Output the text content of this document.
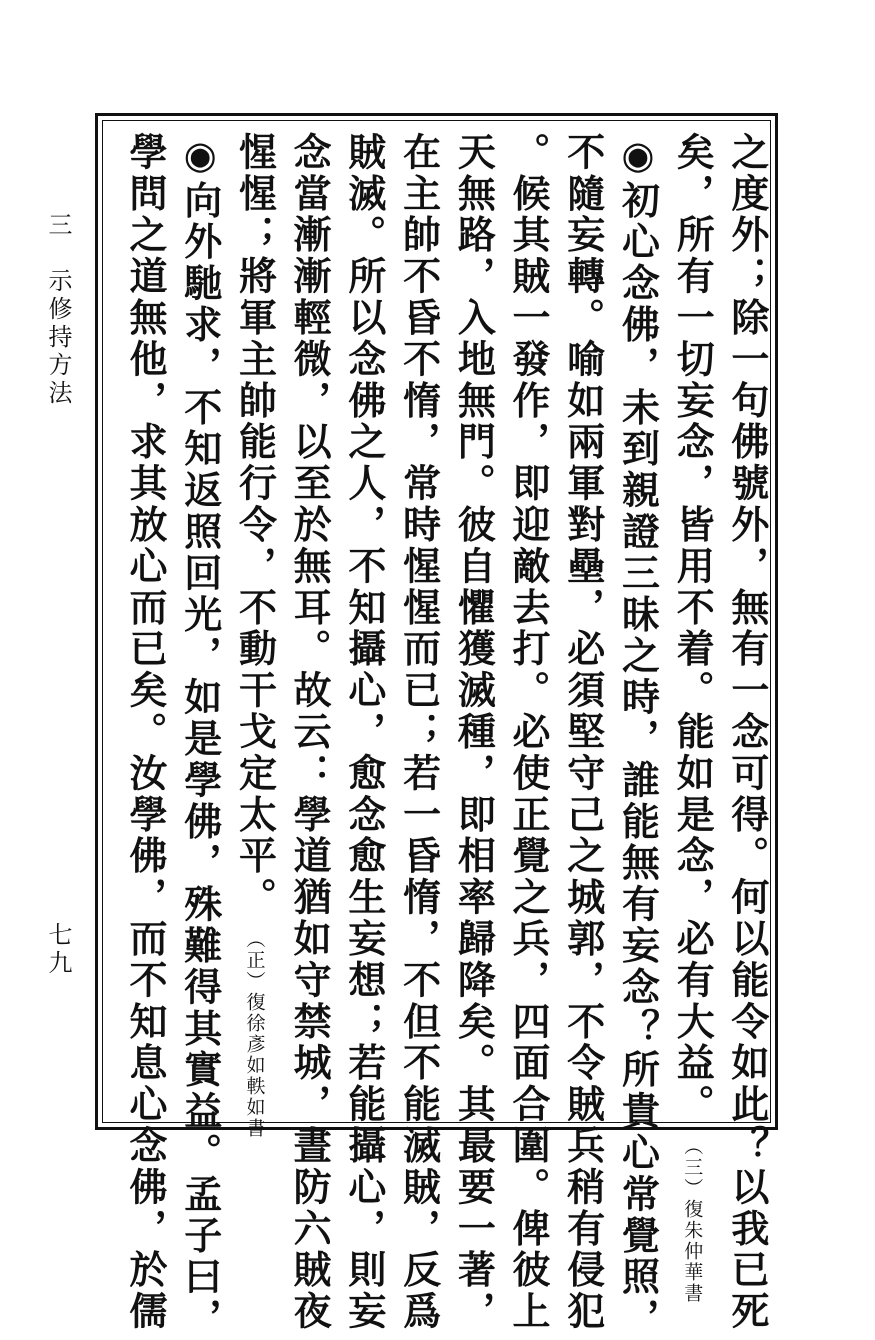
三　示修持方法
七九	之度外；除一句佛號外，無有一念可得。何以能令如此？以我已死
矣，所有一切妄念，皆用不着。能如是念，必有大益。（三）復朱仲華書
◉初心念佛，未到親證三昧之時，誰能無有妄念？所貴心常覺照，
不隨妄轉。喻如兩軍對壘，必須堅守己之城郭，不令賊兵稍有侵犯
。候其賊一發作，即迎敵去打。必使正覺之兵，四面合圍。俾彼上
天無路，入地無門。彼自懼獲滅種，即相率歸降矣。其最要一著，
在主帥不昏不惰，常時惺惺而已；若一昏惰，不但不能滅賊，反爲
賊滅。所以念佛之人，不知攝心，愈念愈生妄想；若能攝心，則妄
念當漸漸輕微，以至於無耳。故云：學道猶如守禁城，晝防六賊夜
惺惺；將軍主帥能行令，不動干戈定太平。（正）復徐彥如軼如書
◉向外馳求，不知返照回光，如是學佛，殊難得其實益。孟子曰，
學問之道無他，求其放心而已矣。汝學佛，而不知息心念佛，於儒
